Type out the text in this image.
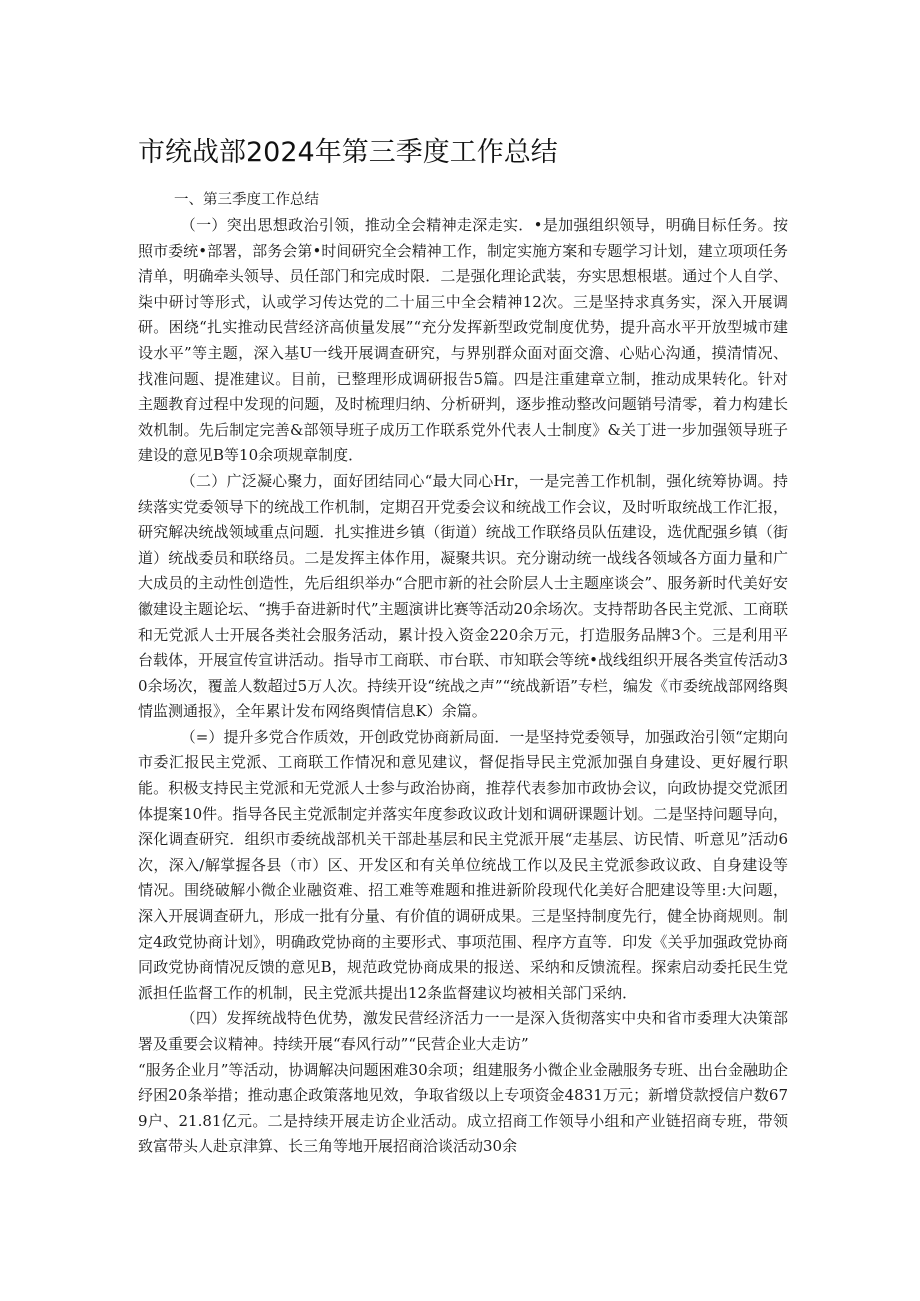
市统战部2024年第三季度工作总结
一、第三季度工作总结

（一）突出思想政治引领，推动全会精神走深走实．•是加强组织领导，明确目标任务。按照市委统•部署，部务会第•时间研究全会精神工作，制定实施方案和专题学习计划，建立项项任务清单，明确牵头领导、员任部门和完成时限．二是强化理论武装，夯实思想根堪。通过个人自学、柒中研讨等形式，认或学习传达党的二十届三中全会精神12次。三是坚持求真务实，深入开展调研。困绕“扎实推动民营经济高侦量发展”“充分发挥新型政党制度优势，提升高水平开放型城市建设水平”等主题，深入基U一线开展调查研究，与界别群众面对面交澹、心贴心沟通，摸清情况、找准问题、提准建议。目前，已整理形成调研报告5篇。四是注重建章立制，推动成果转化。针对主题教育过程中发现的问题，及时梳理归纳、分析研判，逐步推动整改问题销号清零，着力构建长效机制。先后制定完善&部领导班子成历工作联系党外代表人士制度》&关丁进一步加强领导班子建设的意见B等10余项规章制度．

（二）广泛凝心聚力，面好团结同心“最大同心Hr，一是完善工作机制，强化统筹协调。持续落实党委领导下的统战工作机制，定期召开党委会议和统战工作会议，及时听取统战工作汇报，研究解决统战领域重点问题．扎实推进乡镇（街道）统战工作联络员队伍建设，选优配强乡镇（街道）统战委员和联络员。二是发挥主体作用，凝聚共识。充分谢动统一战线各领域各方面力量和广大成员的主动性创造性，先后组织举办“合肥市新的社会阶层人士主题座谈会”、服务新时代美好安徽建设主题论坛、“携手奋进新时代”主题演讲比赛等活动20余场次。支持帮助各民主党派、工商联和无党派人士开展各类社会服务活动，累计投入资金220余万元，打造服务品牌3个。三是利用平台载体，开展宣传宣讲活动。指导市工商联、市台联、市知联会等统•战线组织开展各类宣传活动30余场次，覆盖人数超过5万人次。持续开设“统战之声”“统战新语”专栏，编发《市委统战部网络舆情监测通报》，全年累计发布网络舆情信息K）余篇。

（=）提升多党合作质效，开创政党协商新局面．一是坚持党委领导，加强政治引领“定期向市委汇报民主党派、工商联工作情况和意见建议，督促指导民主党派加强自身建设、更好履行职能。积极支持民主党派和无党派人士参与政治协商，推荐代表参加市政协会议，向政协提交党派团体提案10件。指导各民主党派制定并落实年度参政议政计划和调研课题计划。二是坚持问题导向，深化调查研究．组织市委统战部机关干部赴基层和民主党派开展“走基层、访民情、听意见”活动6次，深入/解掌握各县（市）区、开发区和有关单位统战工作以及民主党派参政议政、自身建设等情况。围绕破解小微企业融资难、招工难等难题和推进新阶段现代化美好合肥建设等里:大问题，深入开展调查研九，形成一批有分量、有价值的调研成果。三是坚持制度先行，健全协商规则。制定4政党协商计划》，明确政党协商的主要形式、事项范围、程序方直等．印发《关乎加强政党协商同政党协商情况反馈的意见B，规范政党协商成果的报送、采纳和反馈流程。探索启动委托民生党派担任监督工作的机制，民主党派共提出12条监督建议均被相关部门采纳．

（四）发挥统战特色优势，激发民营经济活力一一是深入货彻落实中央和省市委理大决策部署及重要会议精神。持续开展“春风行动”“民营企业大走访”

“服务企业月”等活动，协调解决问题困难30余项；组建服务小微企业金融服务专班、出台金融助企纾困20条举措；推动惠企政策落地见效，争取省级以上专项资金4831万元；新增贷款授信户数679户、21.81亿元。二是持续开展走访企业活动。成立招商工作领导小组和产业链招商专班，带领致富带头人赴京津算、长三角等地开展招商洽谈活动30余
